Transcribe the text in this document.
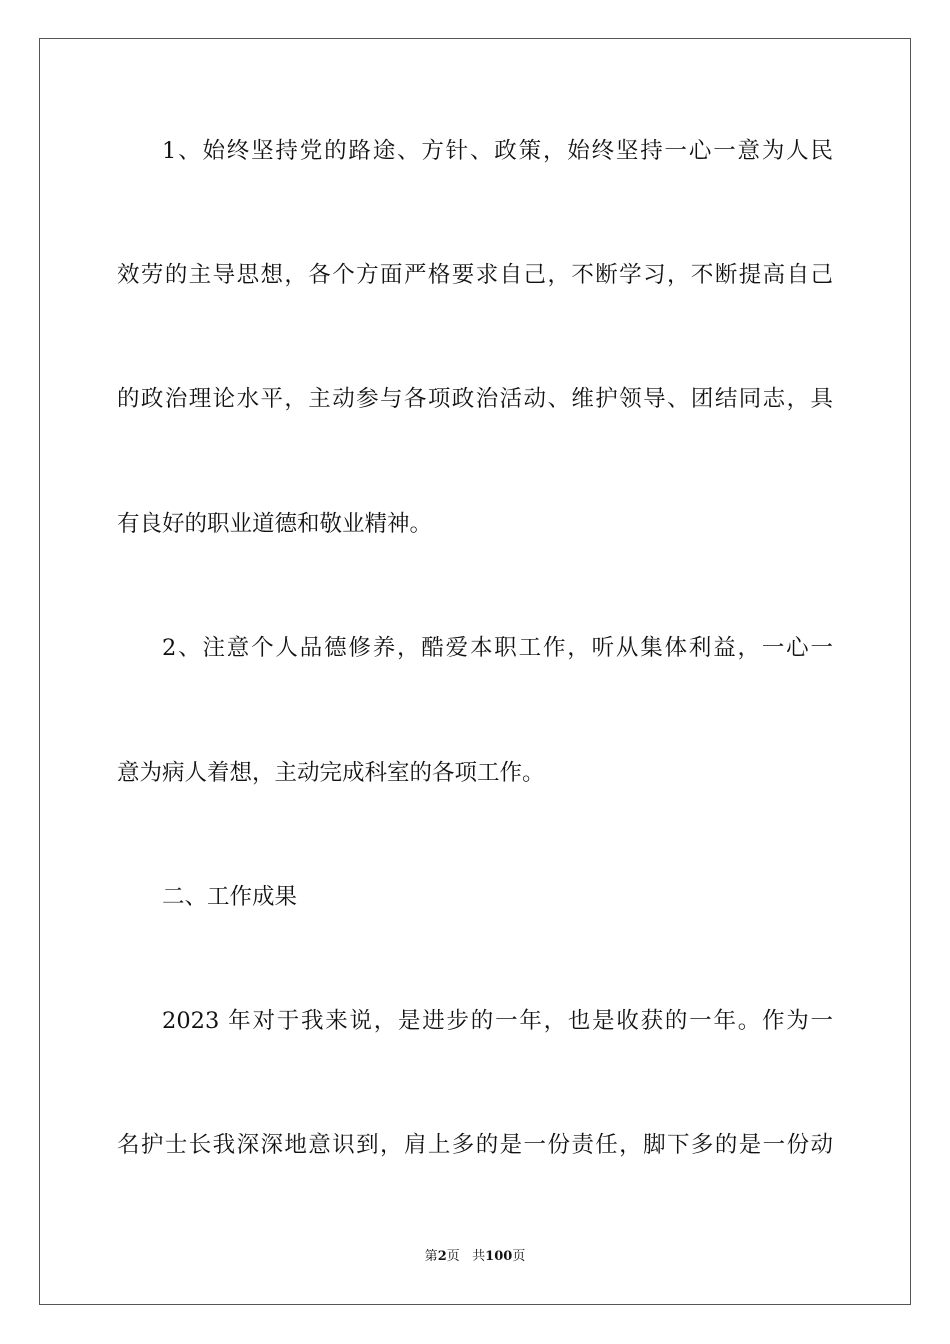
1、始终坚持党的路途、方针、政策，始终坚持一心一意为人民

效劳的主导思想，各个方面严格要求自己，不断学习，不断提高自己

的政治理论水平，主动参与各项政治活动、维护领导、团结同志，具

有良好的职业道德和敬业精神。

2、注意个人品德修养，酷爱本职工作，听从集体利益，一心一

意为病人着想，主动完成科室的各项工作。

二、工作成果

2023 年对于我来说，是进步的一年，也是收获的一年。作为一

名护士长我深深地意识到，肩上多的是一份责任，脚下多的是一份动

第2页 共100页
